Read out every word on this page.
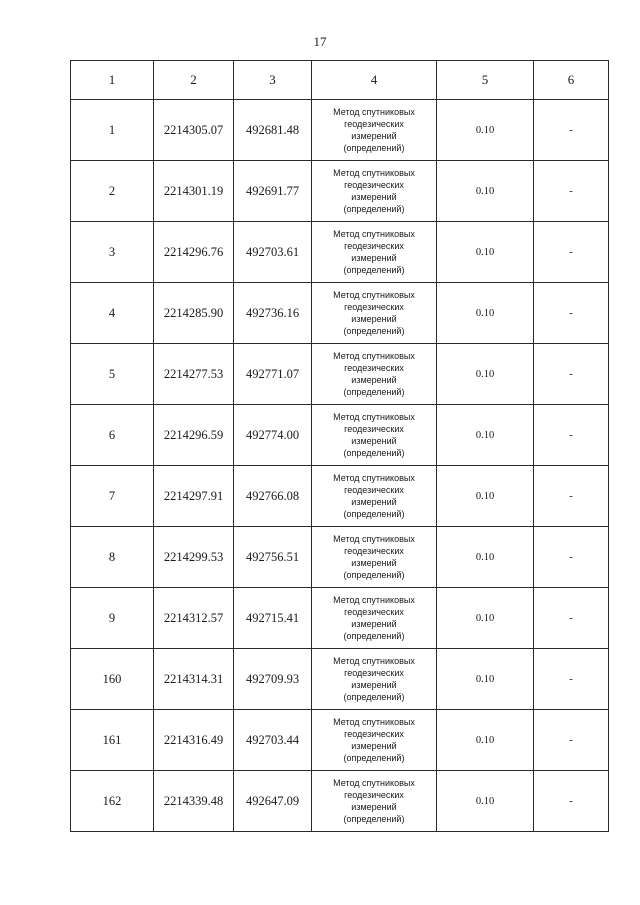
17
1	2	3	4	5	6
1	2214305.07	492681.48	Метод спутниковых
геодезических
измерений
(определений)	0.10	-
2	2214301.19	492691.77	Метод спутниковых
геодезических
измерений
(определений)	0.10	-
3	2214296.76	492703.61	Метод спутниковых
геодезических
измерений
(определений)	0.10	-
4	2214285.90	492736.16	Метод спутниковых
геодезических
измерений
(определений)	0.10	-
5	2214277.53	492771.07	Метод спутниковых
геодезических
измерений
(определений)	0.10	-
6	2214296.59	492774.00	Метод спутниковых
геодезических
измерений
(определений)	0.10	-
7	2214297.91	492766.08	Метод спутниковых
геодезических
измерений
(определений)	0.10	-
8	2214299.53	492756.51	Метод спутниковых
геодезических
измерений
(определений)	0.10	-
9	2214312.57	492715.41	Метод спутниковых
геодезических
измерений
(определений)	0.10	-
160	2214314.31	492709.93	Метод спутниковых
геодезических
измерений
(определений)	0.10	-
161	2214316.49	492703.44	Метод спутниковых
геодезических
измерений
(определений)	0.10	-
162	2214339.48	492647.09	Метод спутниковых
геодезических
измерений
(определений)	0.10	-
